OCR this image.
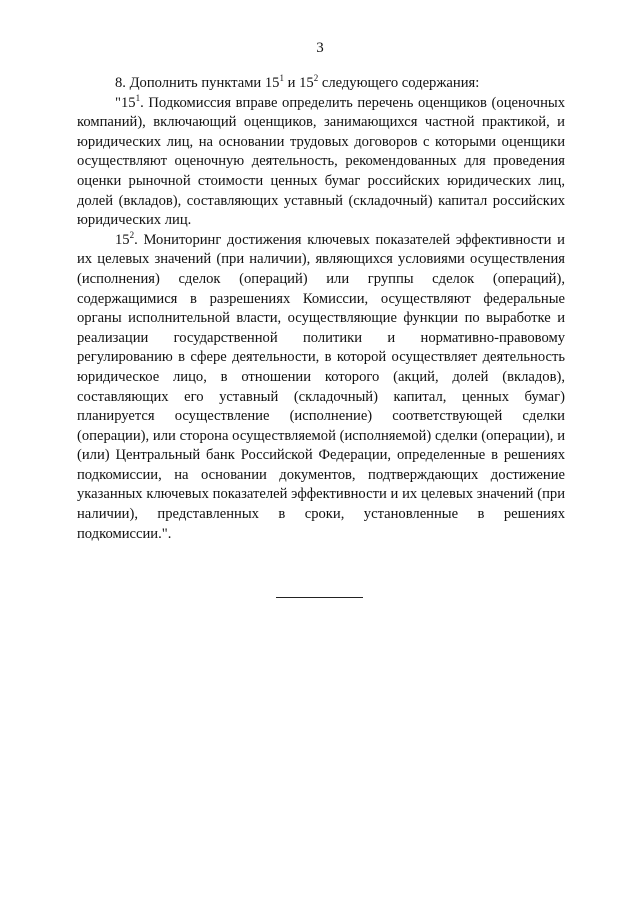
3

8. Дополнить пунктами $15^1$ и $15^2$ следующего содержания:

"$15^1$. Подкомиссия вправе определить перечень оценщиков (оценочных компаний), включающий оценщиков, занимающихся частной практикой, и юридических лиц, на основании трудовых договоров с которыми оценщики осуществляют оценочную деятельность, рекомендованных для проведения оценки рыночной стоимости ценных бумаг российских юридических лиц, долей (вкладов), составляющих уставный (складочный) капитал российских юридических лиц.

$15^2$. Мониторинг достижения ключевых показателей эффективности и их целевых значений (при наличии), являющихся условиями осуществления (исполнения) сделок (операций) или группы сделок (операций), содержащимися в разрешениях Комиссии, осуществляют федеральные органы исполнительной власти, осуществляющие функции по выработке и реализации государственной политики и нормативно-правовому регулированию в сфере деятельности, в которой осуществляет деятельность юридическое лицо, в отношении которого (акций, долей (вкладов), составляющих его уставный (складочный) капитал, ценных бумаг) планируется осуществление (исполнение) соответствующей сделки (операции), или сторона осуществляемой (исполняемой) сделки (операции), и (или) Центральный банк Российской Федерации, определенные в решениях подкомиссии, на основании документов, подтверждающих достижение указанных ключевых показателей эффективности и их целевых значений (при наличии), представленных в сроки, установленные в решениях подкомиссии.".
